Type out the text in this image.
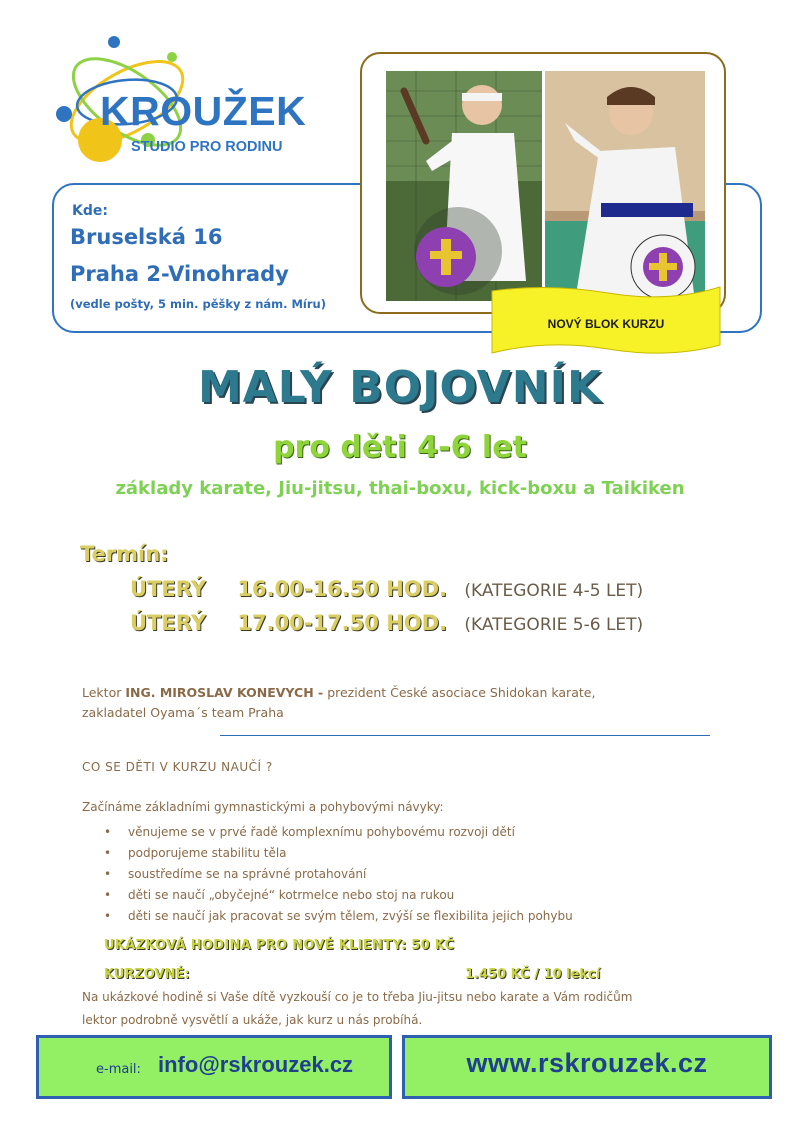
KROUŽEK
STUDIO PRO RODINU
Kde:
Bruselská 16
Praha 2-Vinohrady
(vedle pošty, 5 min. pěšky z nám. Míru)
NOVÝ BLOK KURZU
MALÝ BOJOVNÍK
pro děti 4-6 let
základy karate, Jiu-jitsu, thai-boxu, kick-boxu a Taikiken
Termín:
ÚTERÝ 16.00-16.50 HOD. (KATEGORIE 4-5 LET)
ÚTERÝ 17.00-17.50 HOD. (KATEGORIE 5-6 LET)
Lektor ING. MIROSLAV KONEVYCH - prezident České asociace Shidokan karate,
zakladatel Oyama´s team Praha
CO SE DĚTI V KURZU NAUČÍ ?
Začínáme základními gymnastickými a pohybovými návyky:
• věnujeme se v prvé řadě komplexnímu pohybovému rozvoji dětí
• podporujeme stabilitu těla
• soustředíme se na správné protahování
• děti se naučí „obyčejné“ kotrmelce nebo stoj na rukou
• děti se naučí jak pracovat se svým tělem, zvýší se flexibilita jejich pohybu
UKÁZKOVÁ HODINA PRO NOVÉ KLIENTY: 50 KČ
KURZOVNÉ:	1.450 KČ / 10 lekcí
Na ukázkové hodině si Vaše dítě vyzkouší co je to třeba Jiu-jitsu nebo karate a Vám rodičům
lektor podrobně vysvětlí a ukáže, jak kurz u nás probíhá.
e-mail: info@rskrouzek.cz	www.rskrouzek.cz
